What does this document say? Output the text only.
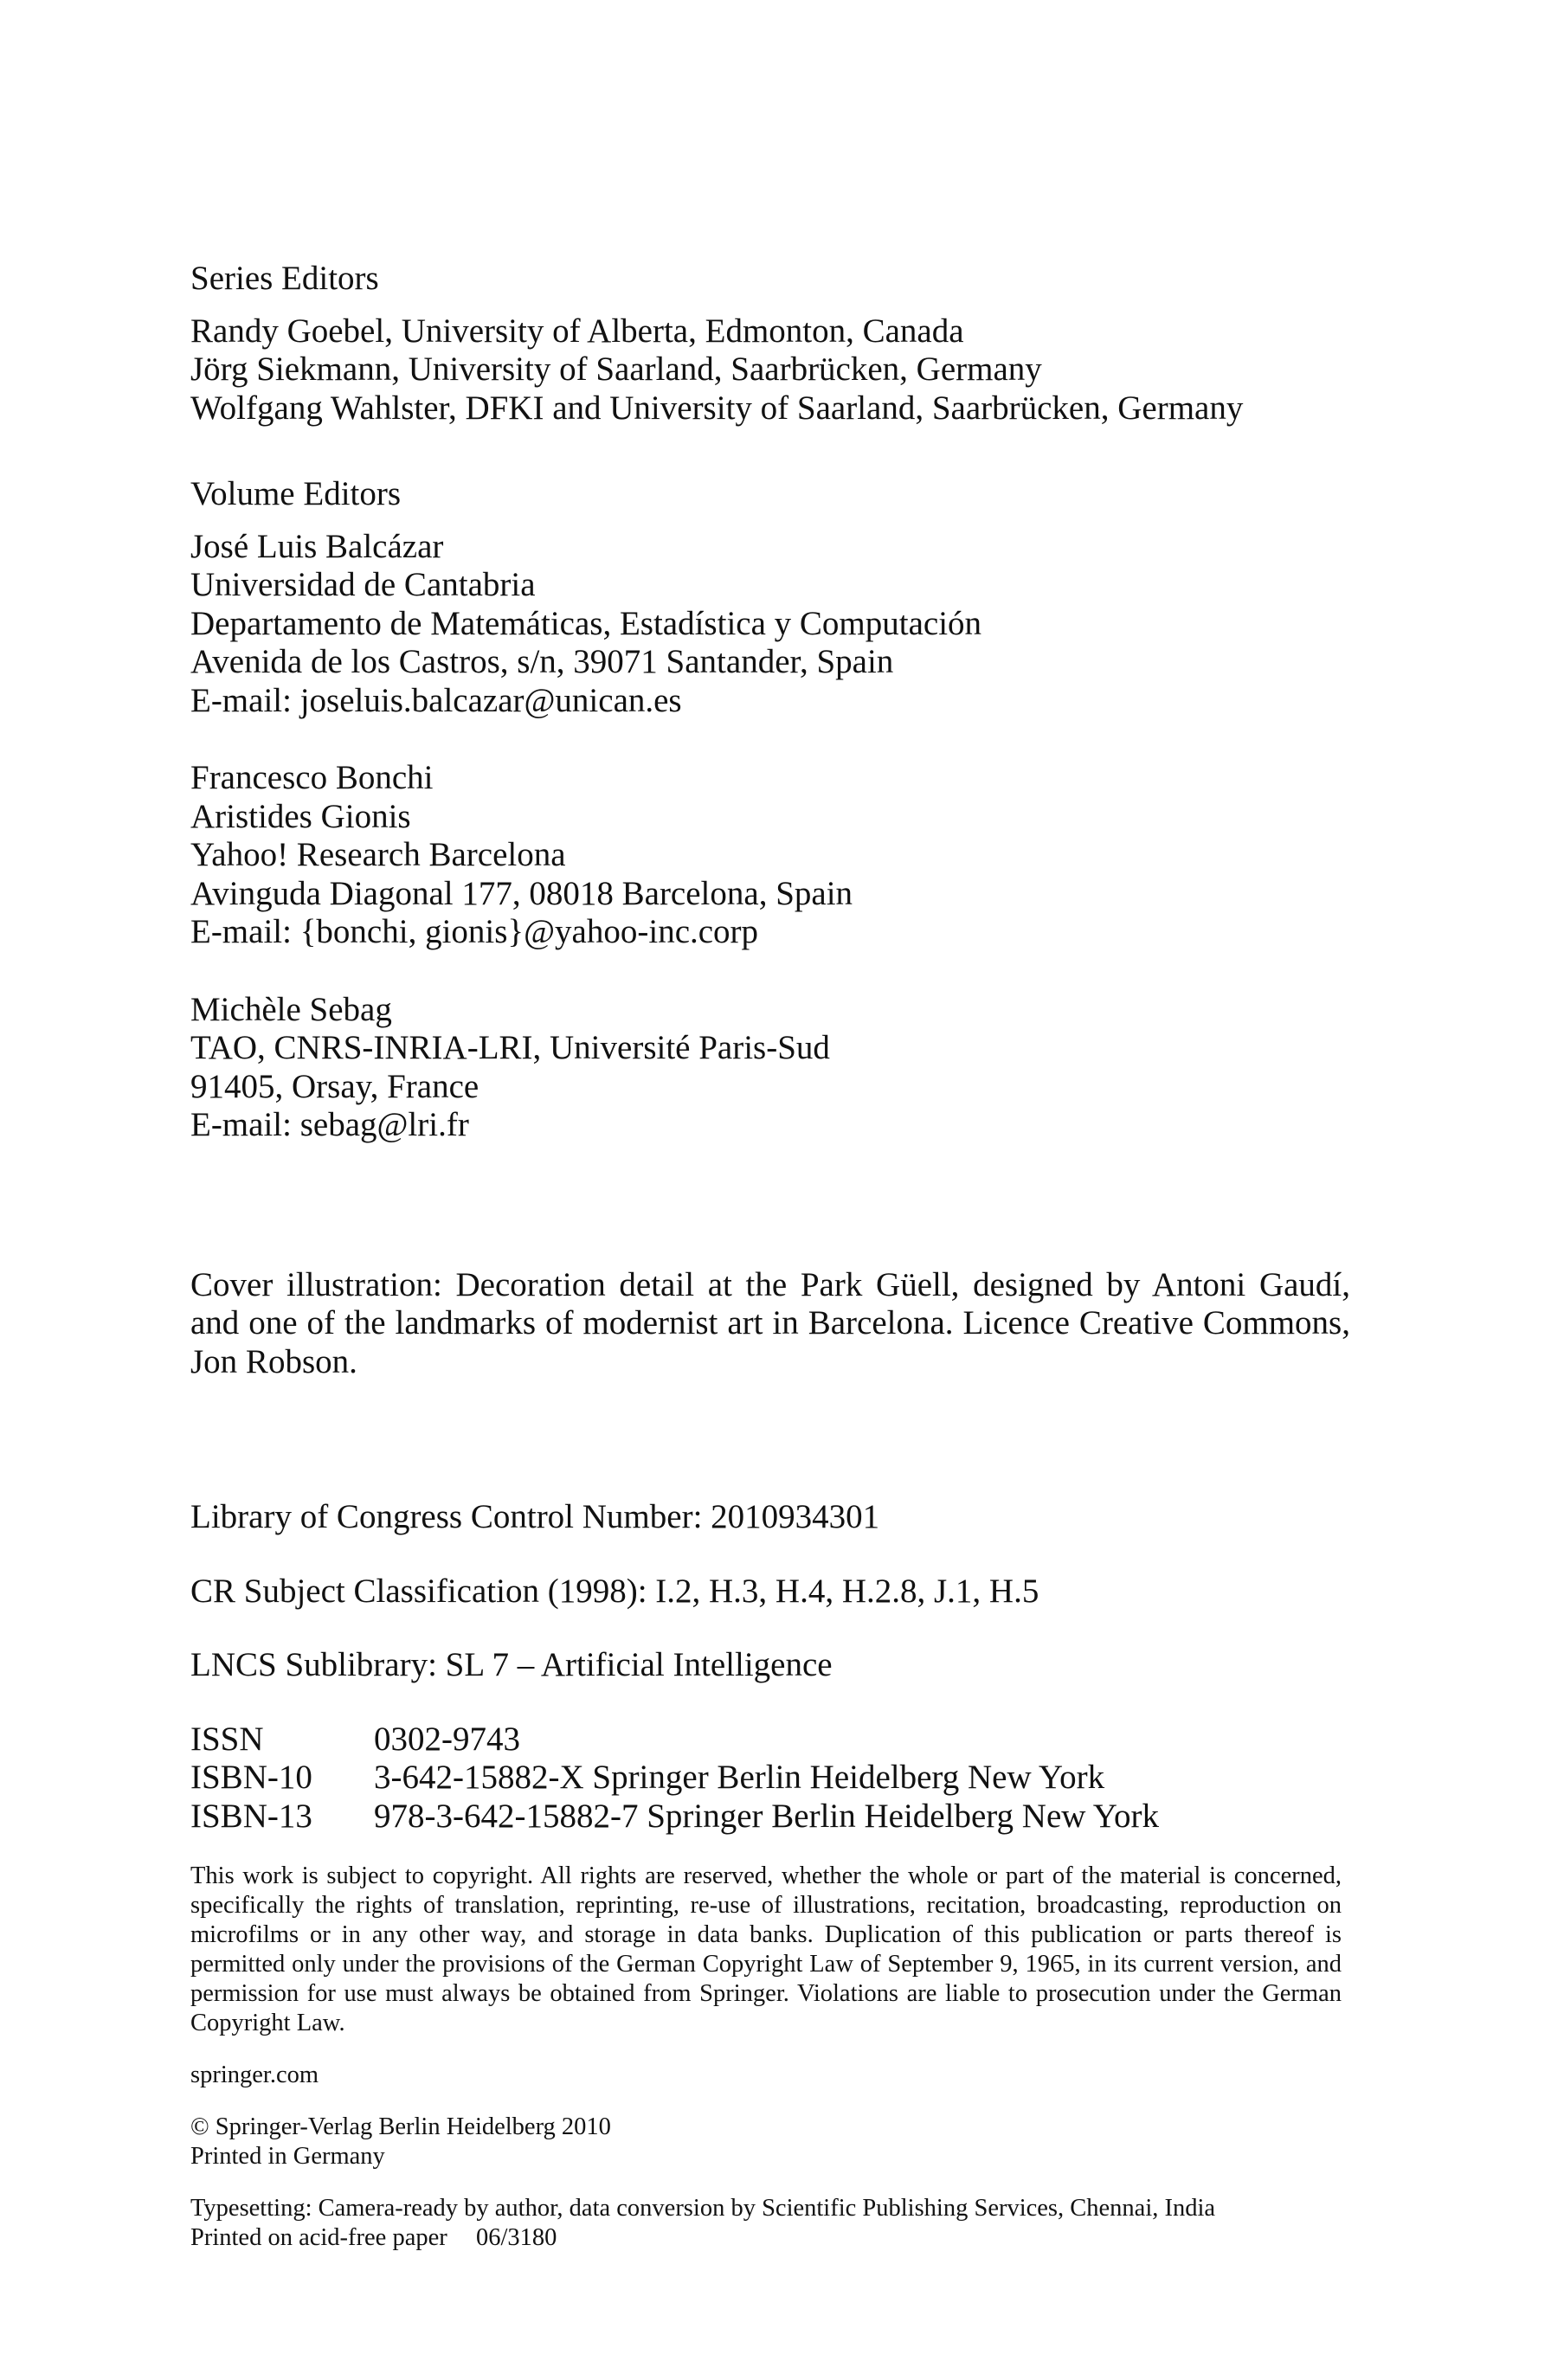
Series Editors
Randy Goebel, University of Alberta, Edmonton, Canada
Jörg Siekmann, University of Saarland, Saarbrücken, Germany
Wolfgang Wahlster, DFKI and University of Saarland, Saarbrücken, Germany
Volume Editors
José Luis Balcázar
Universidad de Cantabria
Departamento de Matemáticas, Estadística y Computación
Avenida de los Castros, s/n, 39071 Santander, Spain
E-mail: joseluis.balcazar@unican.es
Francesco Bonchi
Aristides Gionis
Yahoo! Research Barcelona
Avinguda Diagonal 177, 08018 Barcelona, Spain
E-mail: {bonchi, gionis}@yahoo-inc.corp
Michèle Sebag
TAO, CNRS-INRIA-LRI, Université Paris-Sud
91405, Orsay, France
E-mail: sebag@lri.fr
Cover illustration: Decoration detail at the Park Güell, designed by Antoni Gaudí, and one of the landmarks of modernist art in Barcelona. Licence Creative Commons, Jon Robson.
Library of Congress Control Number: 2010934301
CR Subject Classification (1998): I.2, H.3, H.4, H.2.8, J.1, H.5
LNCS Sublibrary: SL 7 – Artificial Intelligence
ISSN	0302-9743
ISBN-10	3-642-15882-X Springer Berlin Heidelberg New York
ISBN-13	978-3-642-15882-7 Springer Berlin Heidelberg New York
This work is subject to copyright. All rights are reserved, whether the whole or part of the material is concerned, specifically the rights of translation, reprinting, re-use of illustrations, recitation, broadcasting, reproduction on microfilms or in any other way, and storage in data banks. Duplication of this publication or parts thereof is permitted only under the provisions of the German Copyright Law of September 9, 1965, in its current version, and permission for use must always be obtained from Springer. Violations are liable to prosecution under the German Copyright Law.
springer.com
© Springer-Verlag Berlin Heidelberg 2010
Printed in Germany
Typesetting: Camera-ready by author, data conversion by Scientific Publishing Services, Chennai, India
Printed on acid-free paper 06/3180
